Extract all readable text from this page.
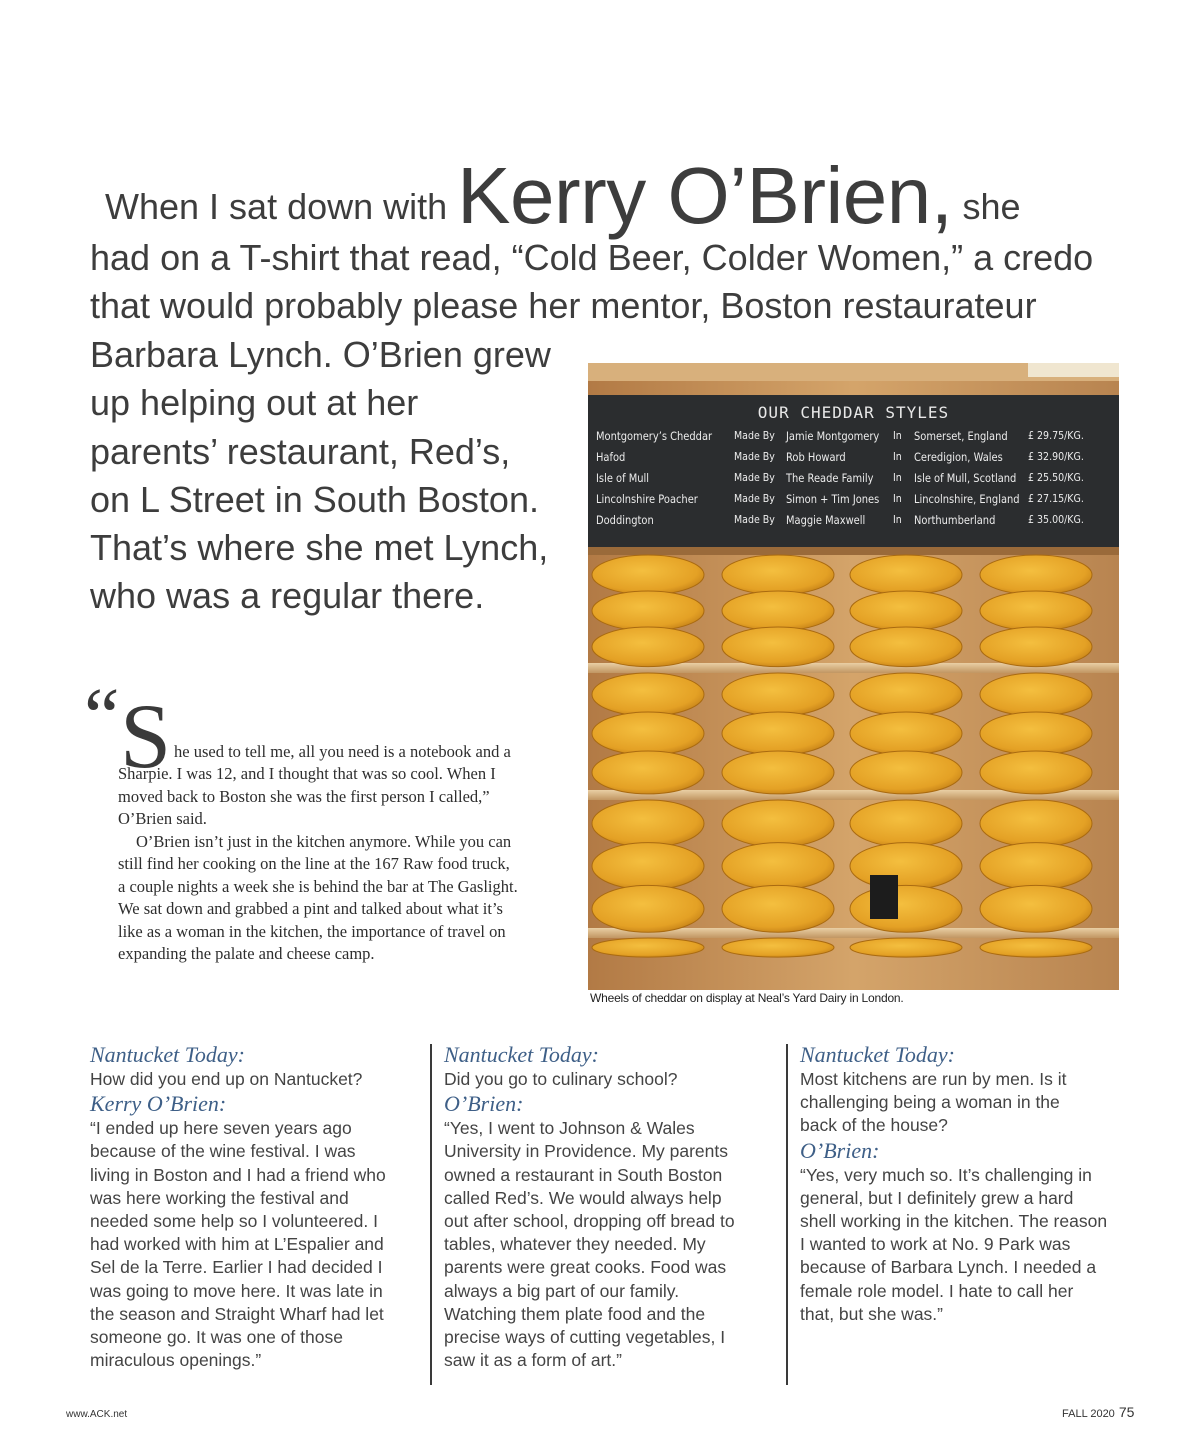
When I sat down with Kerry O’Brien, she
had on a T-shirt that read, “Cold Beer, Colder Women,” a credo
that would probably please her mentor, Boston restaurateur
Barbara Lynch. O’Brien grew
up helping out at her
parents’ restaurant, Red’s,
on L Street in South Boston.
That’s where she met Lynch,
who was a regular there.
“ S he used to tell me, all you need is a notebook and a
Sharpie. I was 12, and I thought that was so cool. When I
moved back to Boston she was the first person I called,”
O’Brien said.
O’Brien isn’t just in the kitchen anymore. While you can
still find her cooking on the line at the 167 Raw food truck,
a couple nights a week she is behind the bar at The Gaslight.
We sat down and grabbed a pint and talked about what it’s
like as a woman in the kitchen, the importance of travel on
expanding the palate and cheese camp.
OUR CHEDDAR STYLES
Montgomery’s Cheddar Made By Jamie Montgomery In Somerset, England £ 29.75/KG.
Hafod	Made By Rob Howard	In Ceredigion, Wales £ 32.90/KG.
Isle of Mull	Made By The Reade Family In Isle of Mull, Scotland £ 25.50/KG.
Lincolnshire Poacher	Made By Simon + Tim Jones In Lincolnshire, England £ 27.15/KG.
Doddington	Made By Maggie Maxwell	In Northumberland	£ 35.00/KG.
Wheels of cheddar on display at Neal’s Yard Dairy in London.
Nantucket Today:
How did you end up on Nantucket?
Kerry O’Brien:
“I ended up here seven years ago
because of the wine festival. I was
living in Boston and I had a friend who
was here working the festival and
needed some help so I volunteered. I
had worked with him at L’Espalier and
Sel de la Terre. Earlier I had decided I
was going to move here. It was late in
the season and Straight Wharf had let
someone go. It was one of those
miraculous openings.”
Nantucket Today:
Did you go to culinary school?
O’Brien:
“Yes, I went to Johnson & Wales
University in Providence. My parents
owned a restaurant in South Boston
called Red’s. We would always help
out after school, dropping off bread to
tables, whatever they needed. My
parents were great cooks. Food was
always a big part of our family.
Watching them plate food and the
precise ways of cutting vegetables, I
saw it as a form of art.”
Nantucket Today:
Most kitchens are run by men. Is it
challenging being a woman in the
back of the house?
O’Brien:
“Yes, very much so. It’s challenging in
general, but I definitely grew a hard
shell working in the kitchen. The reason
I wanted to work at No. 9 Park was
because of Barbara Lynch. I needed a
female role model. I hate to call her
that, but she was.”
www.ACK.net	FALL 2020 75
